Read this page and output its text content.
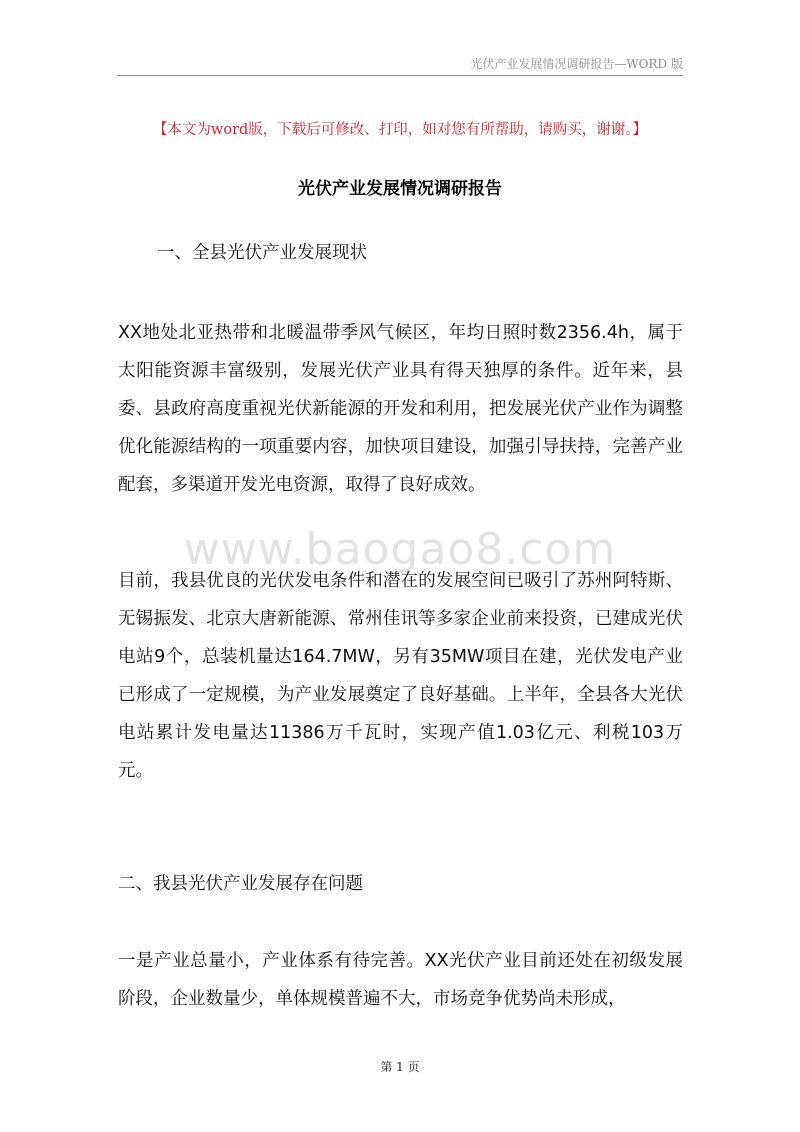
光伏产业发展情况调研报告—WORD 版
【本文为word版，下载后可修改、打印，如对您有所帮助，请购买，谢谢。】
光伏产业发展情况调研报告
一、全县光伏产业发展现状

XX地处北亚热带和北暖温带季风气候区，年均日照时数2356.4h，属于太阳能资源丰富级别，发展光伏产业具有得天独厚的条件。近年来，县委、县政府高度重视光伏新能源的开发和利用，把发展光伏产业作为调整优化能源结构的一项重要内容，加快项目建设，加强引导扶持，完善产业配套，多渠道开发光电资源，取得了良好成效。

www.baogao8.com

目前，我县优良的光伏发电条件和潜在的发展空间已吸引了苏州阿特斯、无锡振发、北京大唐新能源、常州佳讯等多家企业前来投资，已建成光伏电站9个，总装机量达164.7MW，另有35MW项目在建，光伏发电产业已形成了一定规模，为产业发展奠定了良好基础。上半年，全县各大光伏电站累计发电量达11386万千瓦时，实现产值1.03亿元、利税103万元。

二、我县光伏产业发展存在问题

一是产业总量小，产业体系有待完善。XX光伏产业目前还处在初级发展阶段，企业数量少，单体规模普遍不大，市场竞争优势尚未形成，

第 1 页
